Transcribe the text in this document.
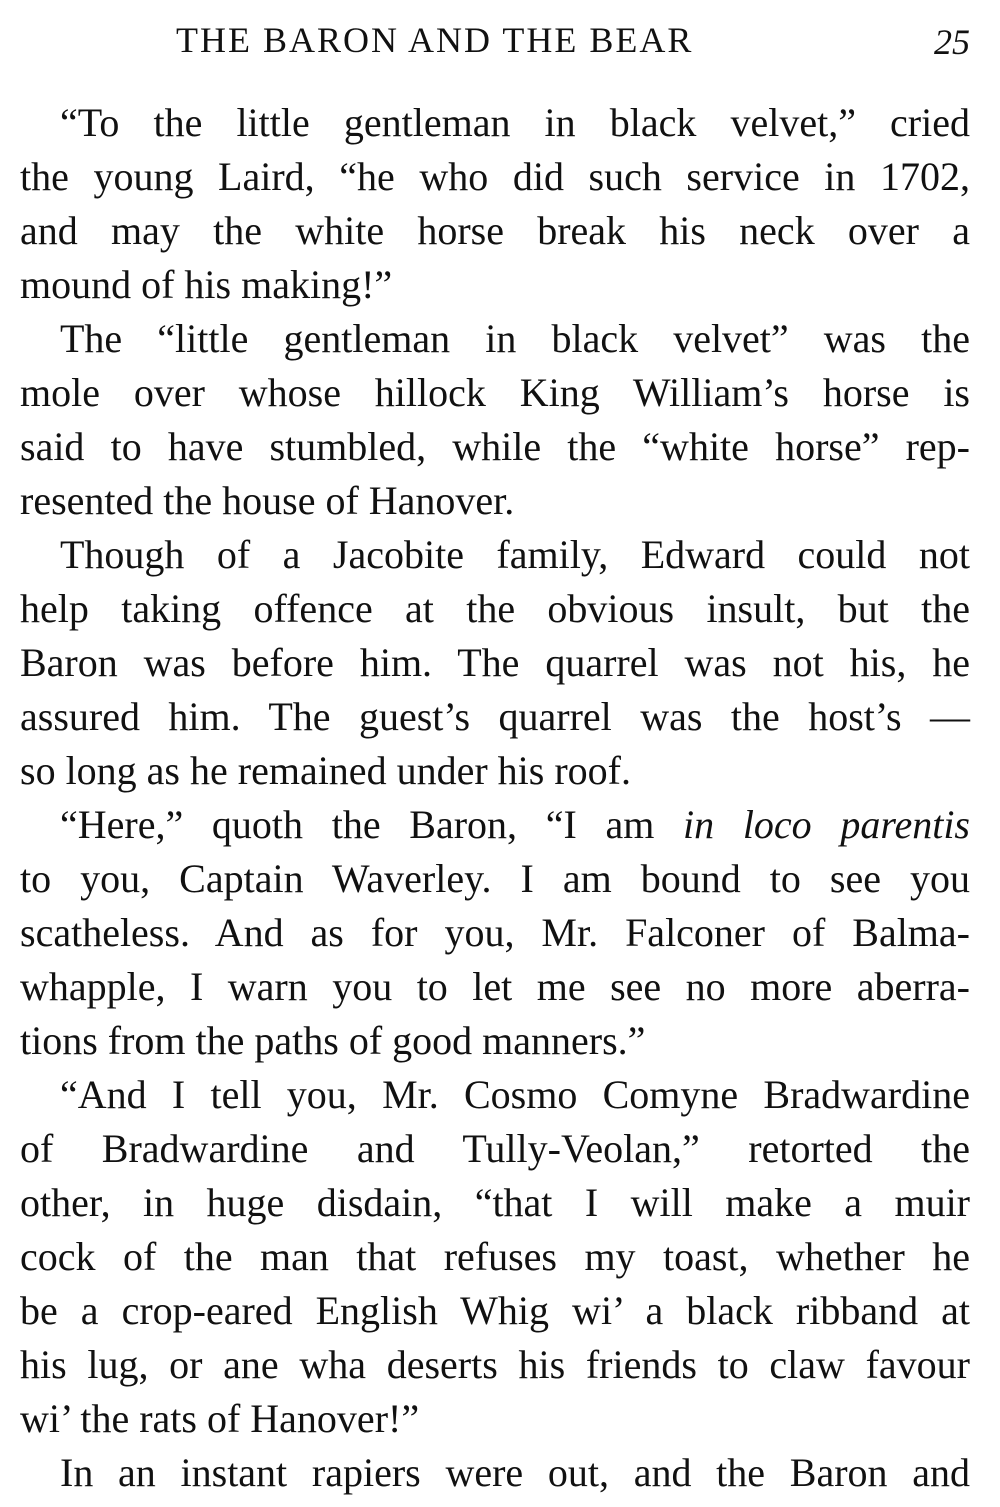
THE BARON AND THE BEAR	25
“To the little gentleman in black velvet,” cried
the young Laird, “he who did such service in 1702,
and may the white horse break his neck over a
mound of his making!”
The “little gentleman in black velvet” was the
mole over whose hillock King William’s horse is
said to have stumbled, while the “white horse” rep-
resented the house of Hanover.
Though of a Jacobite family, Edward could not
help taking offence at the obvious insult, but the
Baron was before him. The quarrel was not his, he
assured him. The guest’s quarrel was the host’s —
so long as he remained under his roof.
“Here,” quoth the Baron, “I am in loco parentis
to you, Captain Waverley. I am bound to see you
scatheless. And as for you, Mr. Falconer of Balma-
whapple, I warn you to let me see no more aberra-
tions from the paths of good manners.”
“And I tell you, Mr. Cosmo Comyne Bradwardine
of Bradwardine and Tully-Veolan,” retorted the
other, in huge disdain, “that I will make a muir
cock of the man that refuses my toast, whether he
be a crop-eared English Whig wi’ a black ribband at
his lug, or ane wha deserts his friends to claw favour
wi’ the rats of Hanover!”
In an instant rapiers were out, and the Baron and
